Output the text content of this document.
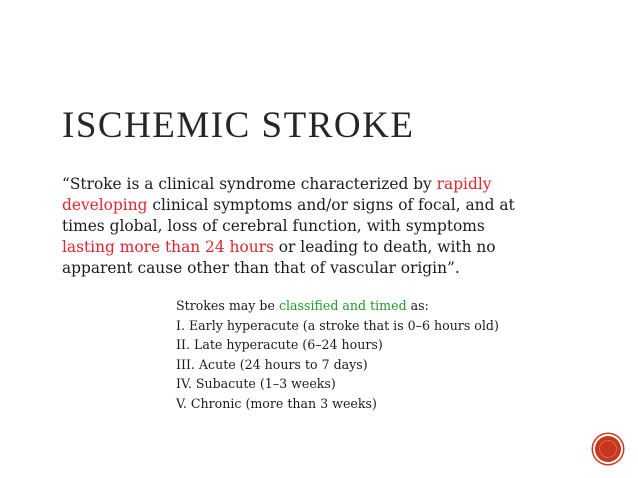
ISCHEMIC STROKE
“Stroke is a clinical syndrome characterized by rapidly developing clinical symptoms and/or signs of focal, and at times global, loss of cerebral function, with symptoms lasting more than 24 hours or leading to death, with no apparent cause other than that of vascular origin”.
Strokes may be classified and timed as:
I. Early hyperacute (a stroke that is 0–6 hours old)
II. Late hyperacute (6–24 hours)
III. Acute (24 hours to 7 days)
IV. Subacute (1–3 weeks)
V. Chronic (more than 3 weeks)
